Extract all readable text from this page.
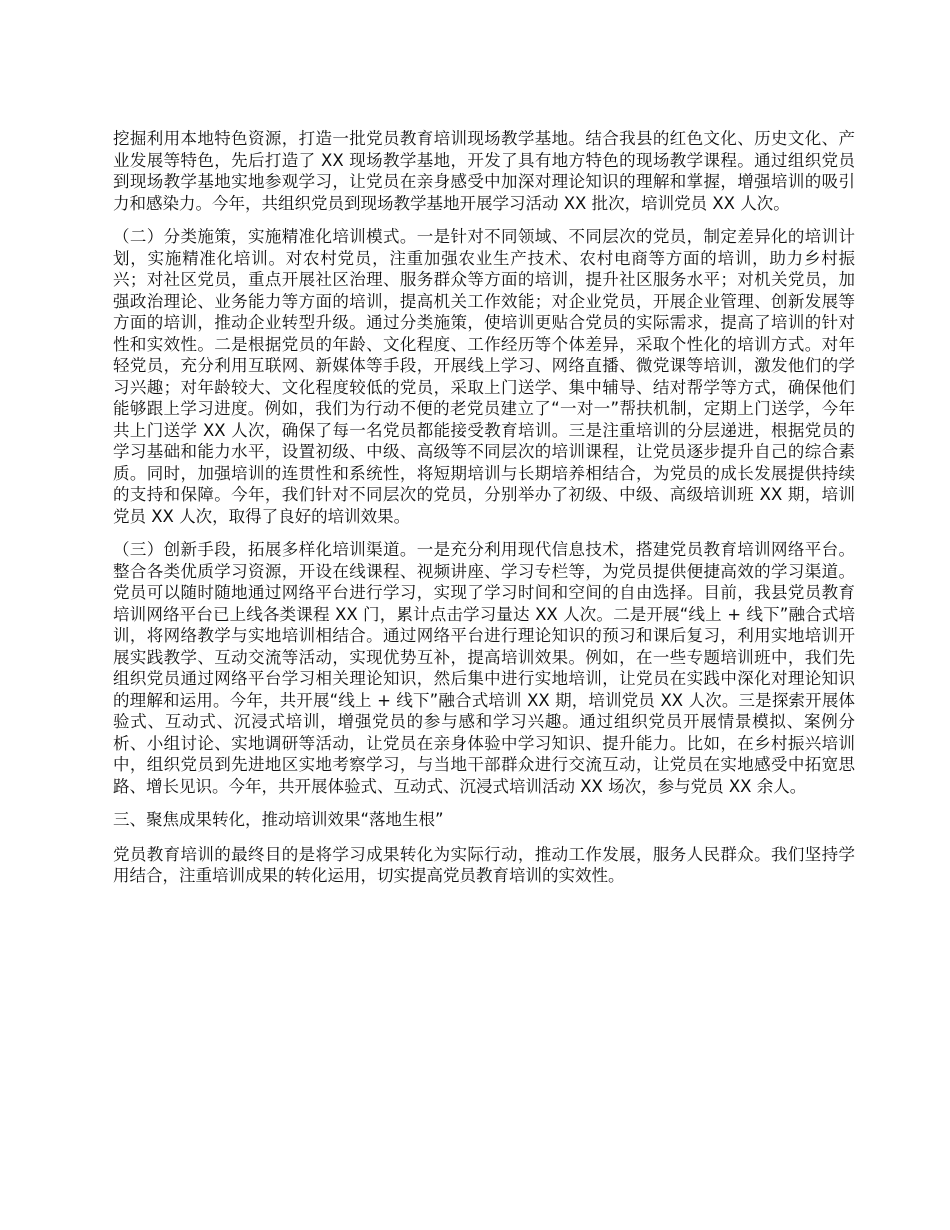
挖掘利用本地特色资源，打造一批党员教育培训现场教学基地。结合我县的红色文化、历史文化、产业发展等特色，先后打造了 XX 现场教学基地，开发了具有地方特色的现场教学课程。通过组织党员到现场教学基地实地参观学习，让党员在亲身感受中加深对理论知识的理解和掌握，增强培训的吸引力和感染力。今年，共组织党员到现场教学基地开展学习活动 XX 批次，培训党员 XX 人次。

（二）分类施策，实施精准化培训模式。一是针对不同领域、不同层次的党员，制定差异化的培训计划，实施精准化培训。对农村党员，注重加强农业生产技术、农村电商等方面的培训，助力乡村振兴；对社区党员，重点开展社区治理、服务群众等方面的培训，提升社区服务水平；对机关党员，加强政治理论、业务能力等方面的培训，提高机关工作效能；对企业党员，开展企业管理、创新发展等方面的培训，推动企业转型升级。通过分类施策，使培训更贴合党员的实际需求，提高了培训的针对性和实效性。二是根据党员的年龄、文化程度、工作经历等个体差异，采取个性化的培训方式。对年轻党员，充分利用互联网、新媒体等手段，开展线上学习、网络直播、微党课等培训，激发他们的学习兴趣；对年龄较大、文化程度较低的党员，采取上门送学、集中辅导、结对帮学等方式，确保他们能够跟上学习进度。例如，我们为行动不便的老党员建立了“一对一”帮扶机制，定期上门送学，今年共上门送学 XX 人次，确保了每一名党员都能接受教育培训。三是注重培训的分层递进，根据党员的学习基础和能力水平，设置初级、中级、高级等不同层次的培训课程，让党员逐步提升自己的综合素质。同时，加强培训的连贯性和系统性，将短期培训与长期培养相结合，为党员的成长发展提供持续的支持和保障。今年，我们针对不同层次的党员，分别举办了初级、中级、高级培训班 XX 期，培训党员 XX 人次，取得了良好的培训效果。

（三）创新手段，拓展多样化培训渠道。一是充分利用现代信息技术，搭建党员教育培训网络平台。整合各类优质学习资源，开设在线课程、视频讲座、学习专栏等，为党员提供便捷高效的学习渠道。党员可以随时随地通过网络平台进行学习，实现了学习时间和空间的自由选择。目前，我县党员教育培训网络平台已上线各类课程 XX 门，累计点击学习量达 XX 人次。二是开展“线上 + 线下”融合式培训，将网络教学与实地培训相结合。通过网络平台进行理论知识的预习和课后复习，利用实地培训开展实践教学、互动交流等活动，实现优势互补，提高培训效果。例如，在一些专题培训班中，我们先组织党员通过网络平台学习相关理论知识，然后集中进行实地培训，让党员在实践中深化对理论知识的理解和运用。今年，共开展“线上 + 线下”融合式培训 XX 期，培训党员 XX 人次。三是探索开展体验式、互动式、沉浸式培训，增强党员的参与感和学习兴趣。通过组织党员开展情景模拟、案例分析、小组讨论、实地调研等活动，让党员在亲身体验中学习知识、提升能力。比如，在乡村振兴培训中，组织党员到先进地区实地考察学习，与当地干部群众进行交流互动，让党员在实地感受中拓宽思路、增长见识。今年，共开展体验式、互动式、沉浸式培训活动 XX 场次，参与党员 XX 余人。

三、聚焦成果转化，推动培训效果“落地生根”

党员教育培训的最终目的是将学习成果转化为实际行动，推动工作发展，服务人民群众。我们坚持学用结合，注重培训成果的转化运用，切实提高党员教育培训的实效性。
